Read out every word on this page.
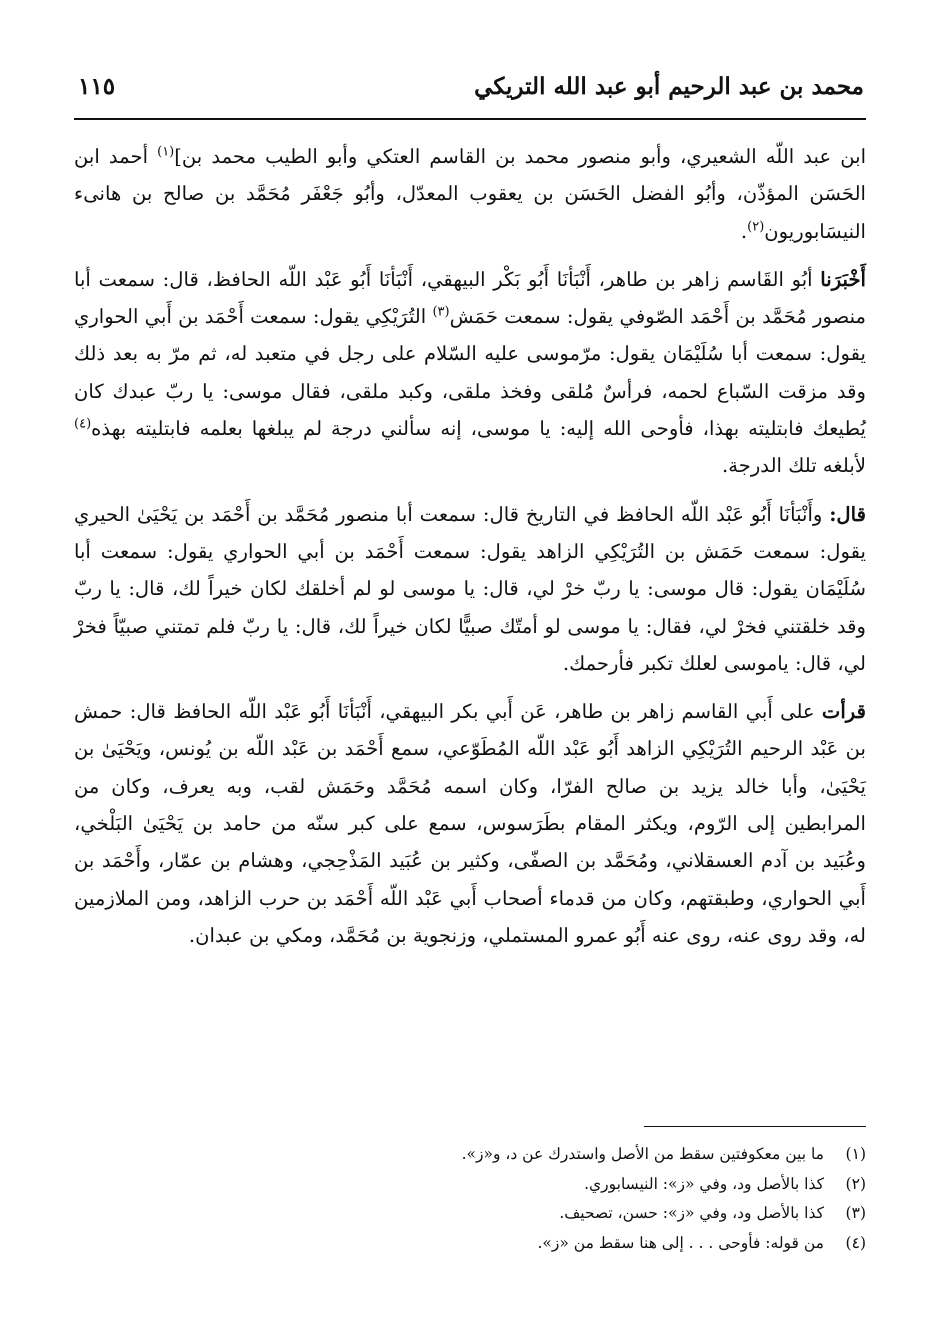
محمد بن عبد الرحيم أبو عبد الله التريكي
١١٥

ابن عبد اللّه الشعيري، وأبو منصور محمد بن القاسم العتكي وأبو الطيب محمد بن]$^{(١)}$ أحمد ابن الحَسَن المؤذّن، وأبُو الفضل الحَسَن بن يعقوب المعدّل، وأبُو جَعْفَر مُحَمَّد بن صالح بن هانىء النيسَابوريون$^{(٢)}$.

أَخْبَرَنا أبُو القَاسم زاهر بن طاهر، أَنْبَأنَا أَبُو بَكْر البيهقي، أَنْبَأنَا أَبُو عَبْد اللّه الحافظ، قال: سمعت أبا منصور مُحَمَّد بن أَحْمَد الصّوفي يقول: سمعت حَمَش$^{(٣)}$ التُرَيْكِي يقول: سمعت أَحْمَد بن أَبي الحواري يقول: سمعت أبا سُلَيْمَان يقول: مرّموسى عليه السّلام على رجل في متعبد له، ثم مرّ به بعد ذلك وقد مزقت السّباع لحمه، فرأسٌ مُلقى وفخذ ملقى، وكبد ملقى، فقال موسى: يا ربّ عبدك كان يُطيعك فابتليته بهذا، فأوحى الله إليه: يا موسى، إنه سألني درجة لم يبلغها بعلمه فابتليته بهذه$^{(٤)}$ لأبلغه تلك الدرجة.

قال: وأَنْبَأنَا أَبُو عَبْد اللّه الحافظ في التاريخ قال: سمعت أبا منصور مُحَمَّد بن أَحْمَد بن يَحْيَىٰ الحيري يقول: سمعت حَمَش بن التُرَيْكِي الزاهد يقول: سمعت أَحْمَد بن أبي الحواري يقول: سمعت أبا سُلَيْمَان يقول: قال موسى: يا ربّ خرْ لي، قال: يا موسى لو لم أخلقك لكان خيراً لك، قال: يا ربّ وقد خلقتني فخرْ لي، فقال: يا موسى لو أمتّك صبيًّا لكان خيراً لك، قال: يا ربّ فلم تمتني صبيّاً فخرْ لي، قال: ياموسى لعلك تكبر فأرحمك.

قرأت على أَبي القاسم زاهر بن طاهر، عَن أَبي بكر البيهقي، أَنْبَأنَا أَبُو عَبْد اللّه الحافظ قال: حمش بن عَبْد الرحيم التُرَيْكِي الزاهد أَبُو عَبْد اللّه المُطَوّعي، سمع أَحْمَد بن عَبْد اللّه بن يُونس، ويَحْيَىٰ بن يَحْيَىٰ، وأبا خالد يزيد بن صالح الفرّا، وكان اسمه مُحَمَّد وحَمَش لقب، وبه يعرف، وكان من المرابطين إلى الرّوم، ويكثر المقام بطَرَسوس، سمع على كبر سنّه من حامد بن يَحْيَىٰ البَلْخي، وعُبَيد بن آدم العسقلاني، ومُحَمَّد بن الصفّى، وكثير بن عُبَيد المَذْحِجي، وهشام بن عمّار، وأَحْمَد بن أَبي الحواري، وطبقتهم، وكان من قدماء أصحاب أَبي عَبْد اللّه أَحْمَد بن حرب الزاهد، ومن الملازمين له، وقد روى عنه، روى عنه أَبُو عمرو المستملي، وزنجوية بن مُحَمَّد، ومكي بن عبدان.

(١)
ما بين معكوفتين سقط من الأصل واستدرك عن د، و«ز».
(٢)
كذا بالأصل ود، وفي «ز»: النيسابوري.
(٣)
كذا بالأصل ود، وفي «ز»: حسن، تصحيف.
(٤)
من قوله: فأوحى . . . إلى هنا سقط من «ز».
